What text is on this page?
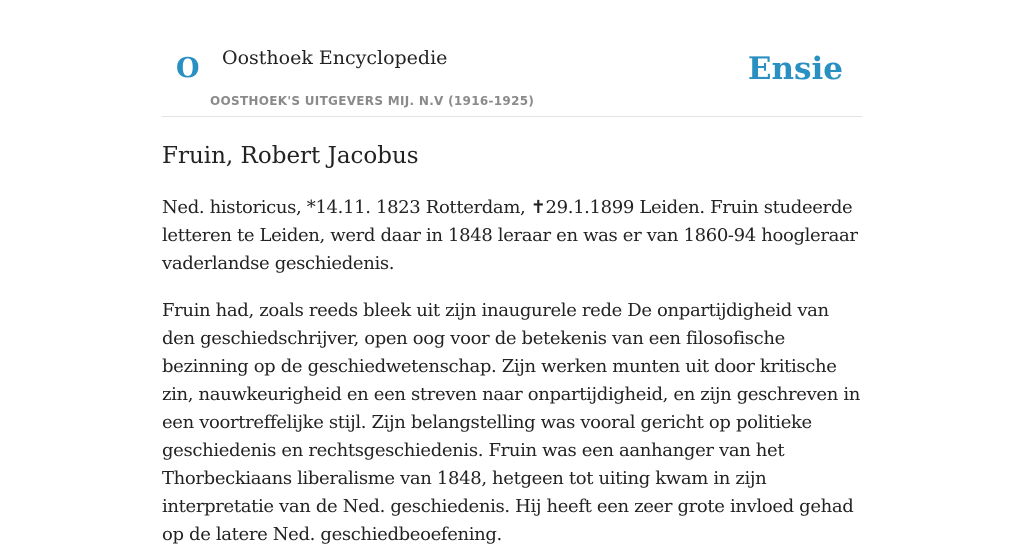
O Oosthoek Encyclopedie
OOSTHOEK'S UITGEVERS MIJ. N.V (1916-1925)
Ensie
Fruin, Robert Jacobus

Ned. historicus, *14.11. 1823 Rotterdam, ✝29.1.1899 Leiden. Fruin studeerde letteren te Leiden, werd daar in 1848 leraar en was er van 1860-94 hoogleraar vaderlandse geschiedenis.

Fruin had, zoals reeds bleek uit zijn inaugurele rede De onpartijdigheid van den geschiedschrijver, open oog voor de betekenis van een filosofische bezinning op de geschiedwetenschap. Zijn werken munten uit door kritische zin, nauwkeurigheid en een streven naar onpartijdigheid, en zijn geschreven in een voortreffelijke stijl. Zijn belangstelling was vooral gericht op politieke geschiedenis en rechtsgeschiedenis. Fruin was een aanhanger van het Thorbeckiaans liberalisme van 1848, hetgeen tot uiting kwam in zijn interpretatie van de Ned. geschiedenis. Hij heeft een zeer grote invloed gehad op de latere Ned. geschiedbeoefening.
